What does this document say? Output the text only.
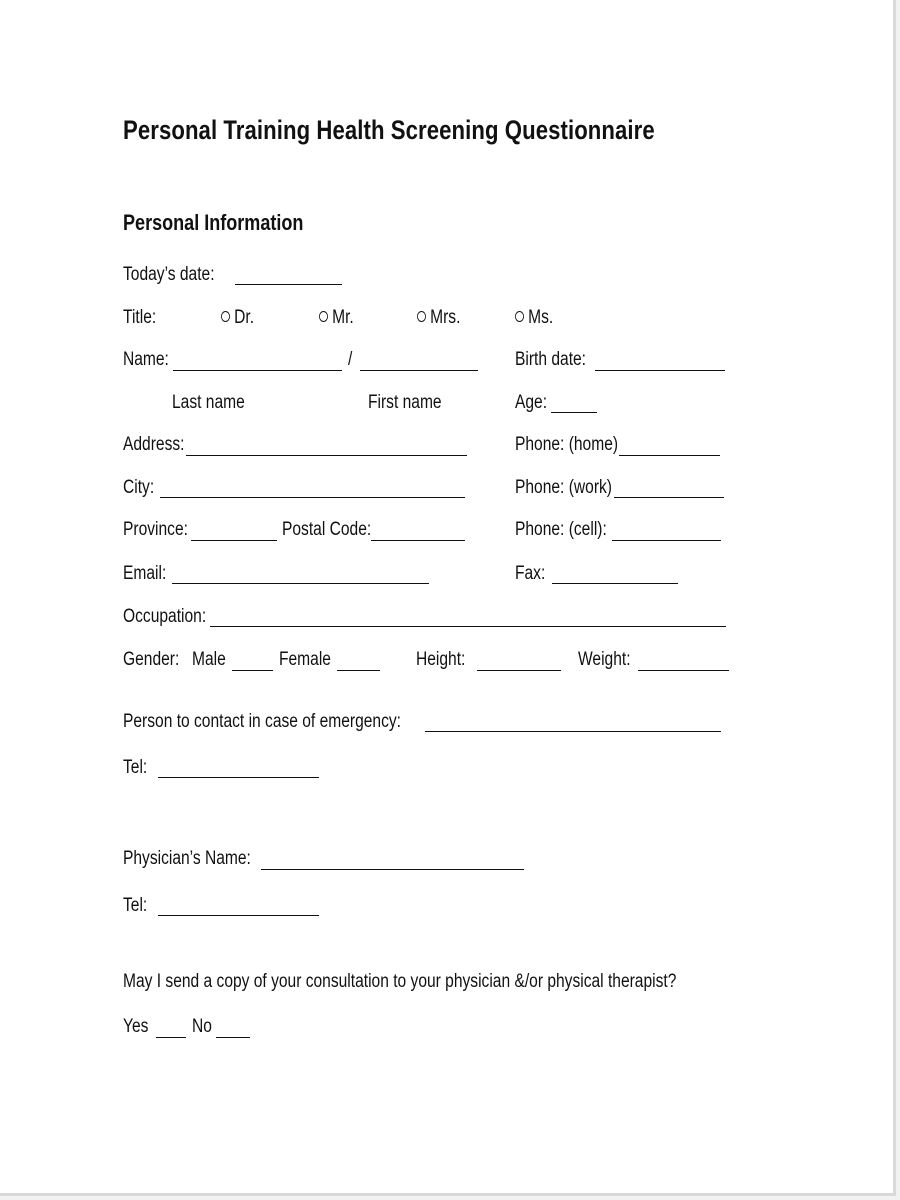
Personal Training Health Screening Questionnaire
Personal Information
Today’s date:
Title:	Dr.	Mr.	Mrs.	Ms.
Name:	/	Birth date:
Last name	First name	Age:
Address:	Phone: (home)
City:	Phone: (work)
Province:	Postal Code:	Phone: (cell):
Email:	Fax:
Occupation:
Gender: Male	Female	Height:	Weight:
Person to contact in case of emergency:
Tel:
Physician’s Name:
Tel:
May I send a copy of your consultation to your physician &/or physical therapist?
Yes No
